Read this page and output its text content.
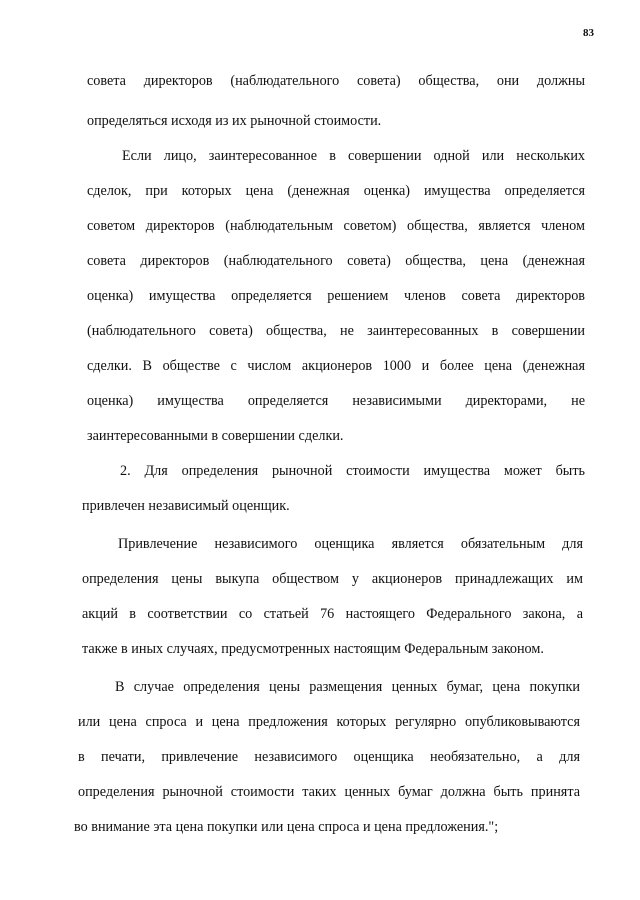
83
совета директоров (наблюдательного совета) общества, они должны
определяться исходя из их рыночной стоимости.
Если лицо, заинтересованное в совершении одной или нескольких
сделок, при которых цена (денежная оценка) имущества определяется
советом директоров (наблюдательным советом) общества, является членом
совета директоров (наблюдательного совета) общества, цена (денежная
оценка) имущества определяется решением членов совета директоров
(наблюдательного совета) общества, не заинтересованных в совершении
сделки. В обществе с числом акционеров 1000 и более цена (денежная
оценка) имущества определяется независимыми директорами, не
заинтересованными в совершении сделки.
2. Для определения рыночной стоимости имущества может быть
привлечен независимый оценщик.
Привлечение независимого оценщика является обязательным для
определения цены выкупа обществом у акционеров принадлежащих им
акций в соответствии со статьей 76 настоящего Федерального закона, а
также в иных случаях, предусмотренных настоящим Федеральным законом.
В случае определения цены размещения ценных бумаг, цена покупки
или цена спроса и цена предложения которых регулярно опубликовываются
в печати, привлечение независимого оценщика необязательно, а для
определения рыночной стоимости таких ценных бумаг должна быть принята
во внимание эта цена покупки или цена спроса и цена предложения.";
